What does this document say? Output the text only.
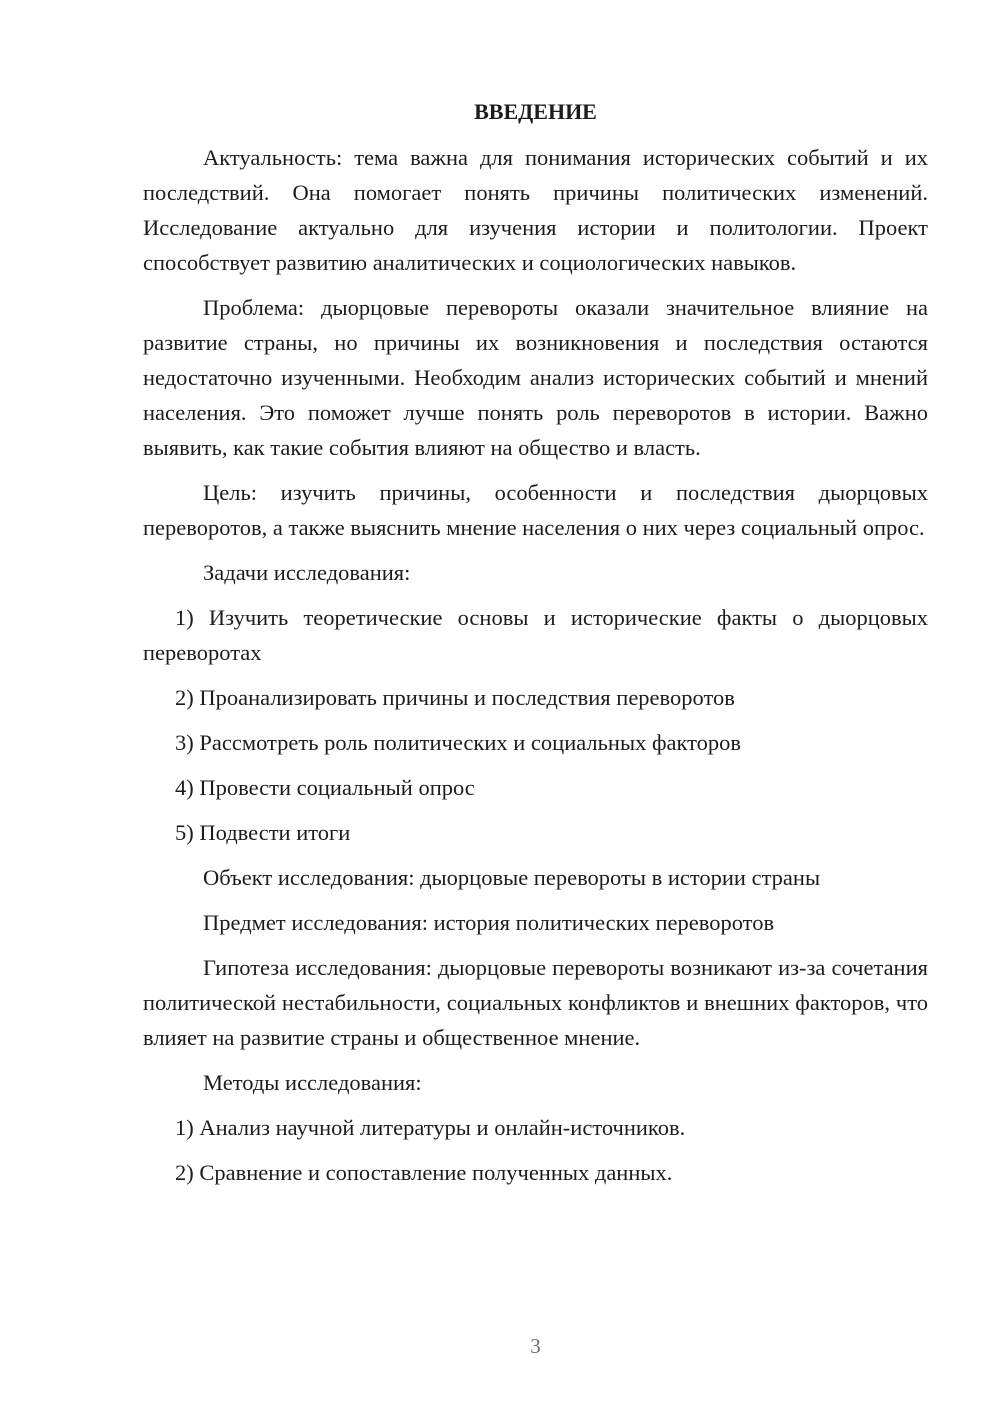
ВВЕДЕНИЕ

Актуальность: тема важна для понимания исторических событий и их последствий. Она помогает понять причины политических изменений. Исследование актуально для изучения истории и политологии. Проект способствует развитию аналитических и социологических навыков.

Проблема: дыорцовые перевороты оказали значительное влияние на развитие страны, но причины их возникновения и последствия остаются недостаточно изученными. Необходим анализ исторических событий и мнений населения. Это поможет лучше понять роль переворотов в истории. Важно выявить, как такие события влияют на общество и власть.

Цель: изучить причины, особенности и последствия дыорцовых переворотов, а также выяснить мнение населения о них через социальный опрос.

Задачи исследования:

1) Изучить теоретические основы и исторические факты о дыорцовых переворотах

2) Проанализировать причины и последствия переворотов

3) Рассмотреть роль политических и социальных факторов

4) Провести социальный опрос

5) Подвести итоги

Объект исследования: дыорцовые перевороты в истории страны

Предмет исследования: история политических переворотов

Гипотеза исследования: дыорцовые перевороты возникают из-за сочетания политической нестабильности, социальных конфликтов и внешних факторов, что влияет на развитие страны и общественное мнение.

Методы исследования:

1) Анализ научной литературы и онлайн-источников.

2) Сравнение и сопоставление полученных данных.

3
